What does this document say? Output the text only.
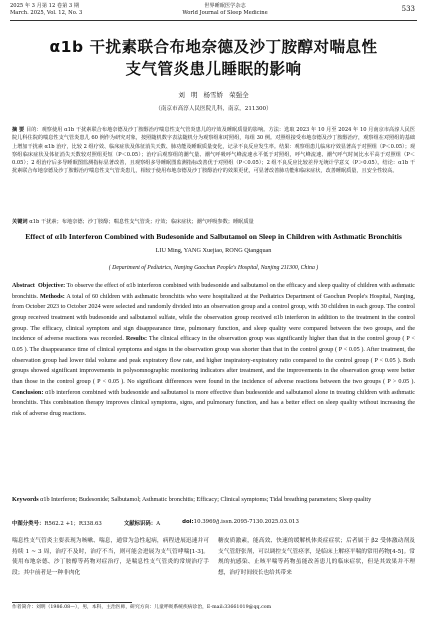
2025 年 3 月第 12 卷第 3 期
March. 2025, Vol. 12, No. 3
世界睡眠医学杂志
World Journal of Sleep Medicine	533
α1b 干扰素联合布地奈德及沙丁胺醇对喘息性
支气管炎患儿睡眠的影响
刘 明 杨雪娇 荣强全
（南京市高淳人民医院儿科，南京，211300）
摘 要 目的：观察使用 α1b 干扰素联合布地奈德及沙丁胺醇治疗喘息性支气管炎患儿的疗效及睡眠质量的影响。方法：选取 2023 年 10 月至 2024 年 10 月南京市高淳人民医院儿科住院的喘息性支气管炎患儿 60 例作为研究对象，按照随机数字表法随机分为观察组和对照组，每组 30 例。对照组接受布地奈德及沙丁胺醇治疗，观察组在对照组的基础上增加干扰素 α1b 治疗，比较 2 组疗效、临床症状及体征消失天数、肺功能及睡眠质量变化，记录不良反应发生率。结果：观察组患儿临床疗效显著高于对照组（P＜0.05）；观察组临床症状及体征消失天数较对照组更短（P＜0.05）；治疗后观察组的潮气量、潮气呼吸呼气峰流速水平低于对照组，呼气峰流速、潮气呼气时间比水平高于对照组（P＜0.05）；2 组治疗后多导睡眠图监测指标显著改善，且观察组多导睡眠图监测指标改善优于对照组（P＜0.05）；2 组不良反应比较差异无统计学意义（P＞0.05）。结论：α1b 干扰素联合布地奈德及沙丁胺醇治疗喘息性支气管炎患儿，相较于使用布地奈德及沙丁胺醇治疗的效果更优，可显著改善肺功能和临床症状，改善睡眠质量，且安全性较高。
关键词 α1b 干扰素；布地奈德；沙丁胺醇；喘息性支气管炎；疗效；临床症状；潮气呼吸参数；睡眠质量
Effect of α1b Interferon Combined with Budesonide and Salbutamol on Sleep in Children with Asthmatic Bronchitis
LIU Ming, YANG Xuejiao, RONG Qiangquan
( Department of Pediatrics, Nanjing Gaochun People's Hospital, Nanjing 211300, China )
Abstract Objective: To observe the effect of α1b interferon combined with budesonide and salbutamol on the efficacy and sleep quality of children with asthmatic bronchitis. Methods: A total of 60 children with asthmatic bronchitis who were hospitalized at the Pediatrics Department of Gaochun People's Hospital, Nanjing, from October 2023 to October 2024 were selected and randomly divided into an observation group and a control group, with 30 children in each group. The control group received treatment with budesonide and salbutamol sulfate, while the observation group received α1b interferon in addition to the treatment in the control group. The efficacy, clinical symptom and sign disappearance time, pulmonary function, and sleep quality were compared between the two groups, and the incidence of adverse reactions was recorded. Results: The clinical efficacy in the observation group was significantly higher than that in the control group ( P < 0.05 ). The disappearance time of clinical symptoms and signs in the observation group was shorter than that in the control group ( P < 0.05 ). After treatment, the observation group had lower tidal volume and peak expiratory flow rate, and higher inspiratory-expiratory ratio compared to the control group ( P < 0.05 ). Both groups showed significant improvements in polysomnographic monitoring indicators after treatment, and the improvements in the observation group were better than those in the control group ( P < 0.05 ). No significant differences were found in the incidence of adverse reactions between the two groups ( P > 0.05 ). Conclusion: α1b interferon combined with budesonide and salbutamol is more effective than budesonide and salbutamol alone in treating children with asthmatic bronchitis. This combination therapy improves clinical symptoms, signs, and pulmonary function, and has a better effect on sleep quality without increasing the risk of adverse drug reactions.
Keywords α1b Interferon; Budesonide; Salbutamol; Asthmatic bronchitis; Efficacy; Clinical symptoms; Tidal breathing parameters; Sleep quality
中图分类号：R562.2 +1；R338.63	文献标识码：A	doi:10.3969/j.issn.2095-7130.2025.03.013
喘息性支气管炎主要表现为咳嗽、喘息，通常为急性起病，病程进展迅速并可持续 1 ~ 3 周，治疗不及时，治疗不当，则可能会进展为支气管哮喘[1-3]。使用布地奈德、沙丁胺醇等药物对症治疗，是喘息性支气管炎的常规治疗手段；其中前者是一种非肉化
糖皮质激素，能高效、快速的缓解机体炎症症状；后者属于 β2 受体激动剂及支气管舒张剂，可以调控支气管痉挛，是临床上解痉平喘的常用药物[4-5]。常规的抗感染、止咳平喘等药物虽能改善患儿的临床症状，但是其效果并不理想，治疗时间较长也给其带来
作者简介：刘明（1986.08—），男，本科，主治医师，研究方向：儿童呼吸系统疾病诊治，E-mail:33661019@qq.com
